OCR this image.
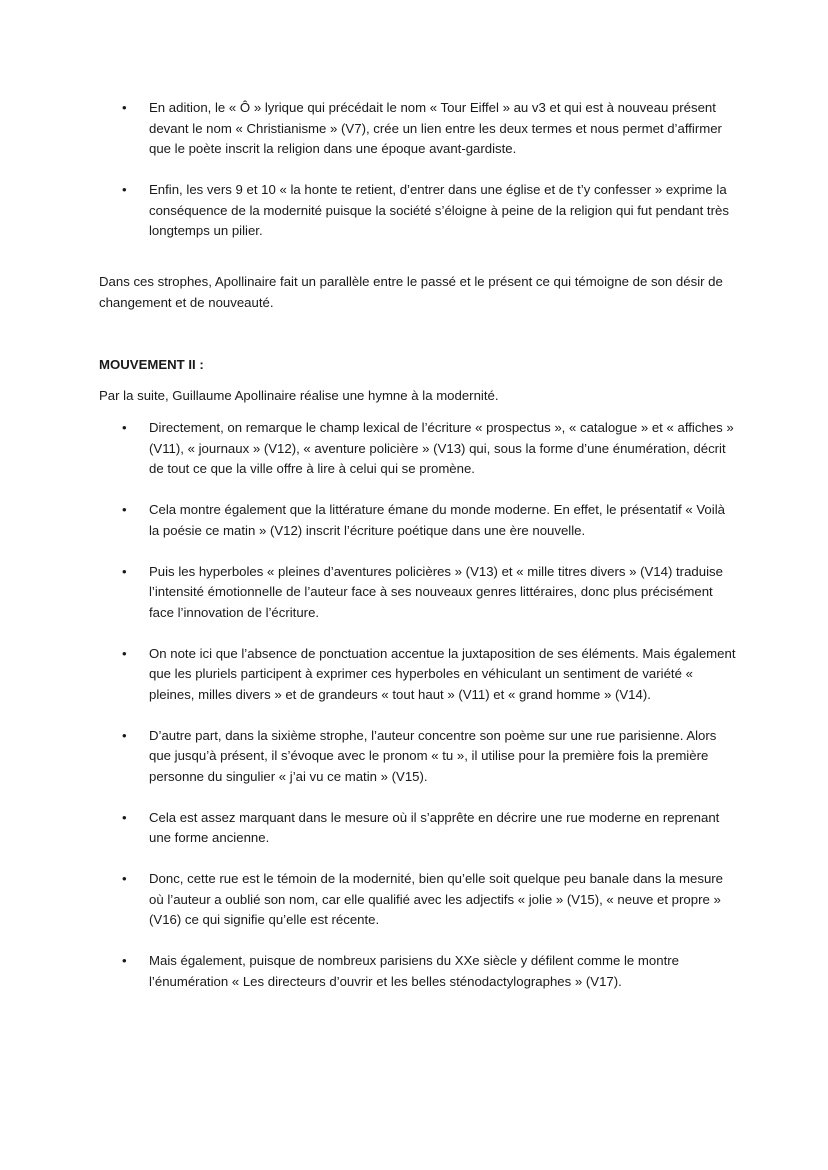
• En adition, le « Ô » lyrique qui précédait le nom « Tour Eiffel » au v3 et qui est à nouveau présent devant le nom « Christianisme » (V7), crée un lien entre les deux termes et nous permet d’affirmer que le poète inscrit la religion dans une époque avant-gardiste.
• Enfin, les vers 9 et 10 « la honte te retient, d’entrer dans une église et de t’y confesser » exprime la conséquence de la modernité puisque la société s’éloigne à peine de la religion qui fut pendant très longtemps un pilier.

Dans ces strophes, Apollinaire fait un parallèle entre le passé et le présent ce qui témoigne de son désir de changement et de nouveauté.

MOUVEMENT II :

Par la suite, Guillaume Apollinaire réalise une hymne à la modernité.

• Directement, on remarque le champ lexical de l’écriture « prospectus », « catalogue » et « affiches » (V11), « journaux » (V12), « aventure policière » (V13) qui, sous la forme d’une énumération, décrit de tout ce que la ville offre à lire à celui qui se promène.
• Cela montre également que la littérature émane du monde moderne. En effet, le présentatif « Voilà la poésie ce matin » (V12) inscrit l’écriture poétique dans une ère nouvelle.
• Puis les hyperboles « pleines d’aventures policières » (V13) et « mille titres divers » (V14) traduise l’intensité émotionnelle de l’auteur face à ses nouveaux genres littéraires, donc plus précisément face l’innovation de l’écriture.
• On note ici que l’absence de ponctuation accentue la juxtaposition de ses éléments. Mais également que les pluriels participent à exprimer ces hyperboles en véhiculant un sentiment de variété « pleines, milles divers » et de grandeurs « tout haut » (V11) et « grand homme » (V14).
• D’autre part, dans la sixième strophe, l’auteur concentre son poème sur une rue parisienne. Alors que jusqu’à présent, il s’évoque avec le pronom « tu », il utilise pour la première fois la première personne du singulier « j’ai vu ce matin » (V15).
• Cela est assez marquant dans le mesure où il s’apprête en décrire une rue moderne en reprenant une forme ancienne.
• Donc, cette rue est le témoin de la modernité, bien qu’elle soit quelque peu banale dans la mesure où l’auteur a oublié son nom, car elle qualifié avec les adjectifs « jolie » (V15), « neuve et propre » (V16) ce qui signifie qu’elle est récente.
• Mais également, puisque de nombreux parisiens du XXe siècle y défilent comme le montre l’énumération « Les directeurs d’ouvrir et les belles sténodactylographes » (V17).
